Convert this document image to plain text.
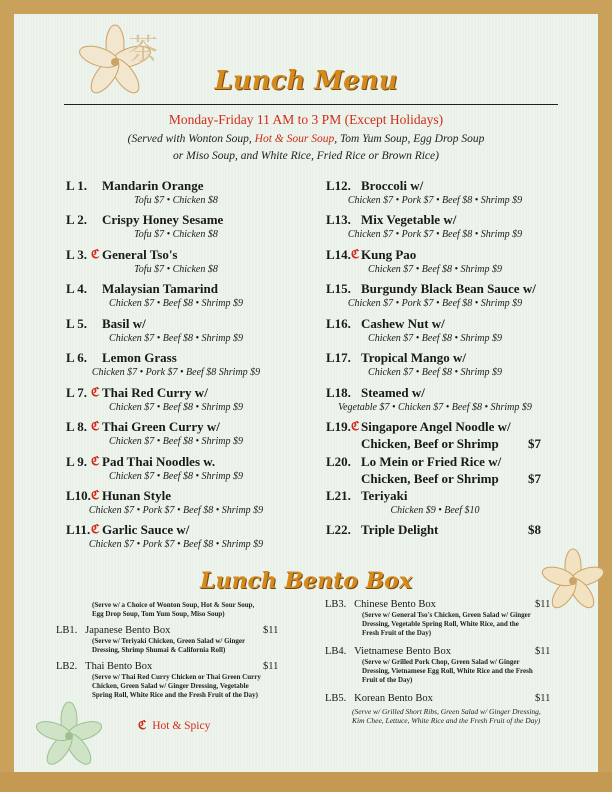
茶
Lunch Menu
Monday-Friday 11 AM to 3 PM (Except Holidays)
(Served with Wonton Soup, Hot & Sour Soup, Tom Yum Soup, Egg Drop Soup
or Miso Soup, and White Rice, Fried Rice or Brown Rice)
L 1. Mandarin Orange
Tofu $7 • Chicken $8
L 2. Crispy Honey Sesame
Tofu $7 • Chicken $8
L 3. ℭ General Tso's
Tofu $7 • Chicken $8
L 4. Malaysian Tamarind
Chicken $7 • Beef $8 • Shrimp $9
L 5. Basil w/
Chicken $7 • Beef $8 • Shrimp $9
L 6. Lemon Grass
Chicken $7 • Pork $7 • Beef $8 Shrimp $9
L 7. ℭ Thai Red Curry w/
Chicken $7 • Beef $8 • Shrimp $9
L 8. ℭ Thai Green Curry w/
Chicken $7 • Beef $8 • Shrimp $9
L 9. ℭ Pad Thai Noodles w.
Chicken $7 • Beef $8 • Shrimp $9
L10. ℭ Hunan Style
Chicken $7 • Pork $7 • Beef $8 • Shrimp $9
L11. ℭ Garlic Sauce w/
Chicken $7 • Pork $7 • Beef $8 • Shrimp $9
L12. Broccoli w/
Chicken $7 • Pork $7 • Beef $8 • Shrimp $9
L13. Mix Vegetable w/
Chicken $7 • Pork $7 • Beef $8 • Shrimp $9
L14. ℭ Kung Pao
Chicken $7 • Beef $8 • Shrimp $9
L15. Burgundy Black Bean Sauce w/
Chicken $7 • Pork $7 • Beef $8 • Shrimp $9
L16. Cashew Nut w/
Chicken $7 • Beef $8 • Shrimp $9
L17. Tropical Mango w/
Chicken $7 • Beef $8 • Shrimp $9
L18. Steamed w/
Vegetable $7 • Chicken $7 • Beef $8 • Shrimp $9
L19. ℭ Singapore Angel Noodle w/
Chicken, Beef or Shrimp $7
L20. Lo Mein or Fried Rice w/
Chicken, Beef or Shrimp $7
L21. Teriyaki
Chicken $9 • Beef $10
L22. Triple Delight	$8
Lunch Bento Box
(Serve w/ a Choice of Wonton Soup, Hot & Sour Soup, Egg Drop Soup, Tom Yum Soup, Miso Soup)
LB1. Japanese Bento Box	$11
(Serve w/ Teriyaki Chicken, Green Salad w/ Ginger Dressing, Shrimp Shumai & California Roll)
LB2. Thai Bento Box	$11
(Serve w/ Thai Red Curry Chicken or Thai Green Curry Chicken, Green Salad w/ Ginger Dressing, Vegetable Spring Roll, White Rice and the Fresh Fruit of the Day)
LB3. Chinese Bento Box	$11
(Serve w/ General Tso's Chicken, Green Salad w/ Ginger Dressing, Vegetable Spring Roll, White Rice, and the Fresh Fruit of the Day)
LB4. Vietnamese Bento Box	$11
(Serve w/ Grilled Pork Chop, Green Salad w/ Ginger Dressing, Vietnamese Egg Roll, White Rice and the Fresh Fruit of the Day)
LB5. Korean Bento Box	$11
(Serve w/ Grilled Short Ribs, Green Salad w/ Ginger Dressing, Kim Chee, Lettuce, White Rice and the Fresh Fruit of the Day)
ℭ Hot & Spicy
